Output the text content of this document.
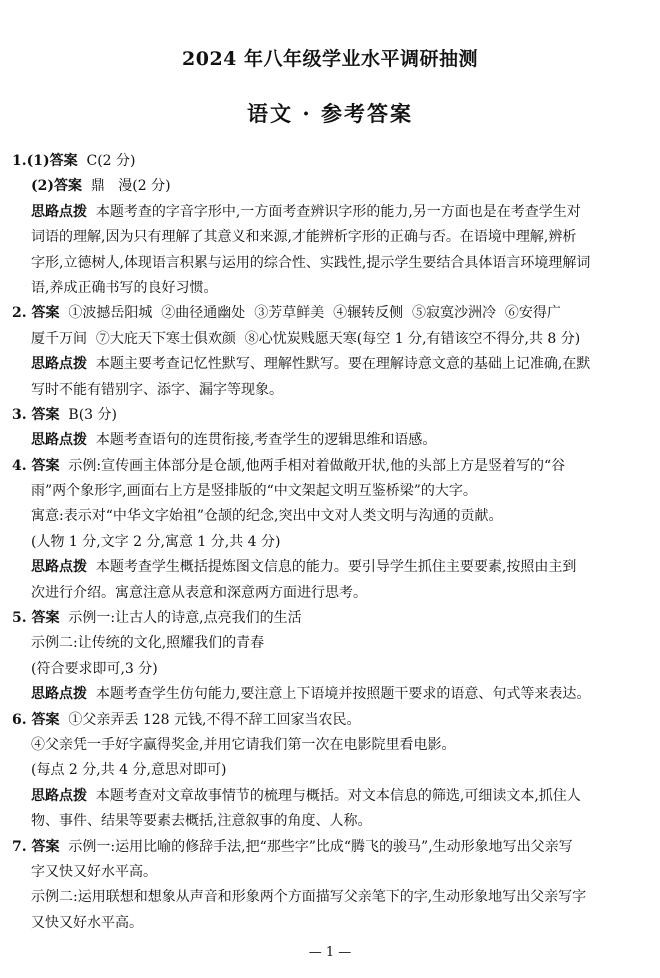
2024 年八年级学业水平调研抽测
语文 · 参考答案
1.(1)答案  C(2 分)
(2)答案  鼎   漫(2 分)
思路点拨  本题考查的字音字形中,一方面考查辨识字形的能力,另一方面也是在考查学生对
词语的理解,因为只有理解了其意义和来源,才能辨析字形的正确与否。在语境中理解,辨析
字形,立德树人,体现语言积累与运用的综合性、实践性,提示学生要结合具体语言环境理解词
语,养成正确书写的良好习惯。
2. 答案  ①波撼岳阳城  ②曲径通幽处  ③芳草鲜美  ④辗转反侧  ⑤寂寞沙洲冷  ⑥安得广
厦千万间  ⑦大庇天下寒士俱欢颜  ⑧心忧炭贱愿天寒(每空 1 分,有错该空不得分,共 8 分)
思路点拨  本题主要考查记忆性默写、理解性默写。要在理解诗意文意的基础上记准确,在默
写时不能有错别字、添字、漏字等现象。
3. 答案  B(3 分)
思路点拨  本题考查语句的连贯衔接,考查学生的逻辑思维和语感。
4. 答案  示例:宣传画主体部分是仓颉,他两手相对着做敞开状,他的头部上方是竖着写的“谷
雨”两个象形字,画面右上方是竖排版的“中文架起文明互鉴桥梁”的大字。
寓意:表示对“中华文字始祖”仓颉的纪念,突出中文对人类文明与沟通的贡献。
(人物 1 分,文字 2 分,寓意 1 分,共 4 分)
思路点拨  本题考查学生概括提炼图文信息的能力。要引导学生抓住主要要素,按照由主到
次进行介绍。寓意注意从表意和深意两方面进行思考。
5. 答案  示例一:让古人的诗意,点亮我们的生活
示例二:让传统的文化,照耀我们的青春
(符合要求即可,3 分)
思路点拨  本题考查学生仿句能力,要注意上下语境并按照题干要求的语意、句式等来表达。
6. 答案  ①父亲弄丢 128 元钱,不得不辞工回家当农民。
④父亲凭一手好字赢得奖金,并用它请我们第一次在电影院里看电影。
(每点 2 分,共 4 分,意思对即可)
思路点拨  本题考查对文章故事情节的梳理与概括。对文本信息的筛选,可细读文本,抓住人
物、事件、结果等要素去概括,注意叙事的角度、人称。
7. 答案  示例一:运用比喻的修辞手法,把“那些字”比成“腾飞的骏马”,生动形象地写出父亲写
字又快又好水平高。
示例二:运用联想和想象从声音和形象两个方面描写父亲笔下的字,生动形象地写出父亲写字
又快又好水平高。
— 1 —
